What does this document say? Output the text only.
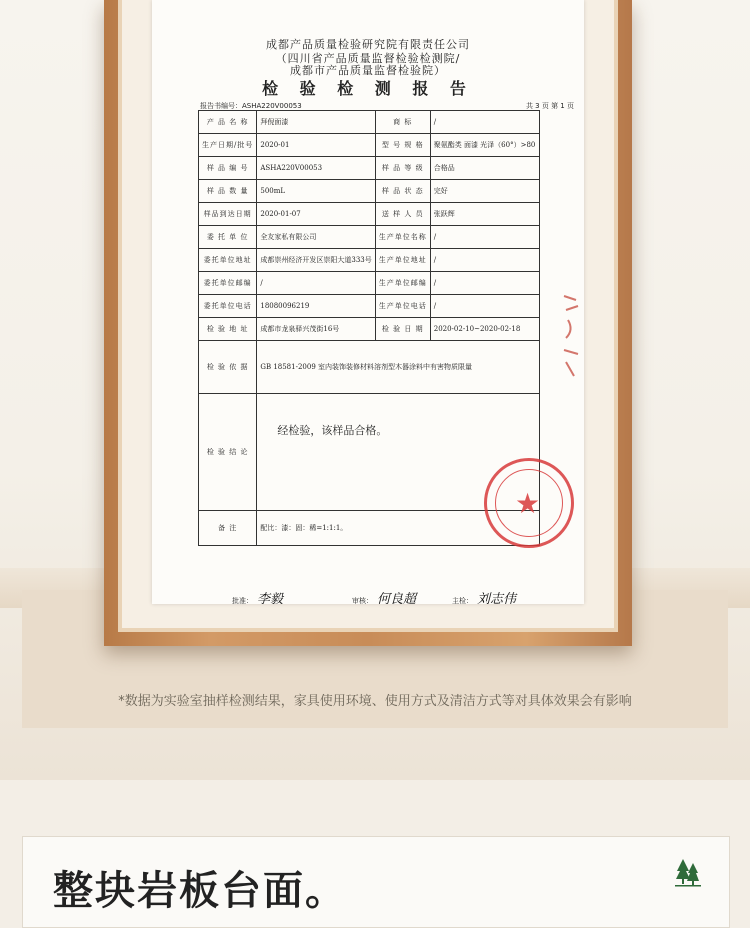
成都产品质量检验研究院有限责任公司
（四川省产品质量监督检验检测院/
成都市产品质量监督检验院）
检 验 检 测 报 告
报告书编号：ASHA220V00053	共 3 页 第 1 页
产 品 名 称	拜倪面漆	商 标	/
生产日期/批号	2020-01	型 号 规 格	聚氨酯类 面漆 光泽（60°）>80
样 品 编 号	ASHA220V00053	样 品 等 级	合格品
样 品 数 量	500mL	样 品 状 态	完好
样品到达日期	2020-01-07	送 样 人 员	张跃辉
委 托 单 位	全友家私有限公司	生产单位名称	/
委托单位地址	成都崇州经济开发区崇阳大道333号	生产单位地址	/
委托单位邮编	/	生产单位邮编	/
委托单位电话	18080096219	生产单位电话	/
检 验 地 址	成都市龙泉驿兴茂街16号	检 验 日 期	2020-02-10~2020-02-18
检 验 依 据	GB 18581-2009 室内装饰装修材料溶剂型木器涂料中有害物质限量		
检 验 结 论	经检验，该样品合格。		
备 注	配比：漆：固：稀=1:1:1。		
★
批准： 李毅	审核： 何良超	主检： 刘志伟
*数据为实验室抽样检测结果，家具使用环境、使用方式及清洁方式等对具体效果会有影响
整块岩板台面。
